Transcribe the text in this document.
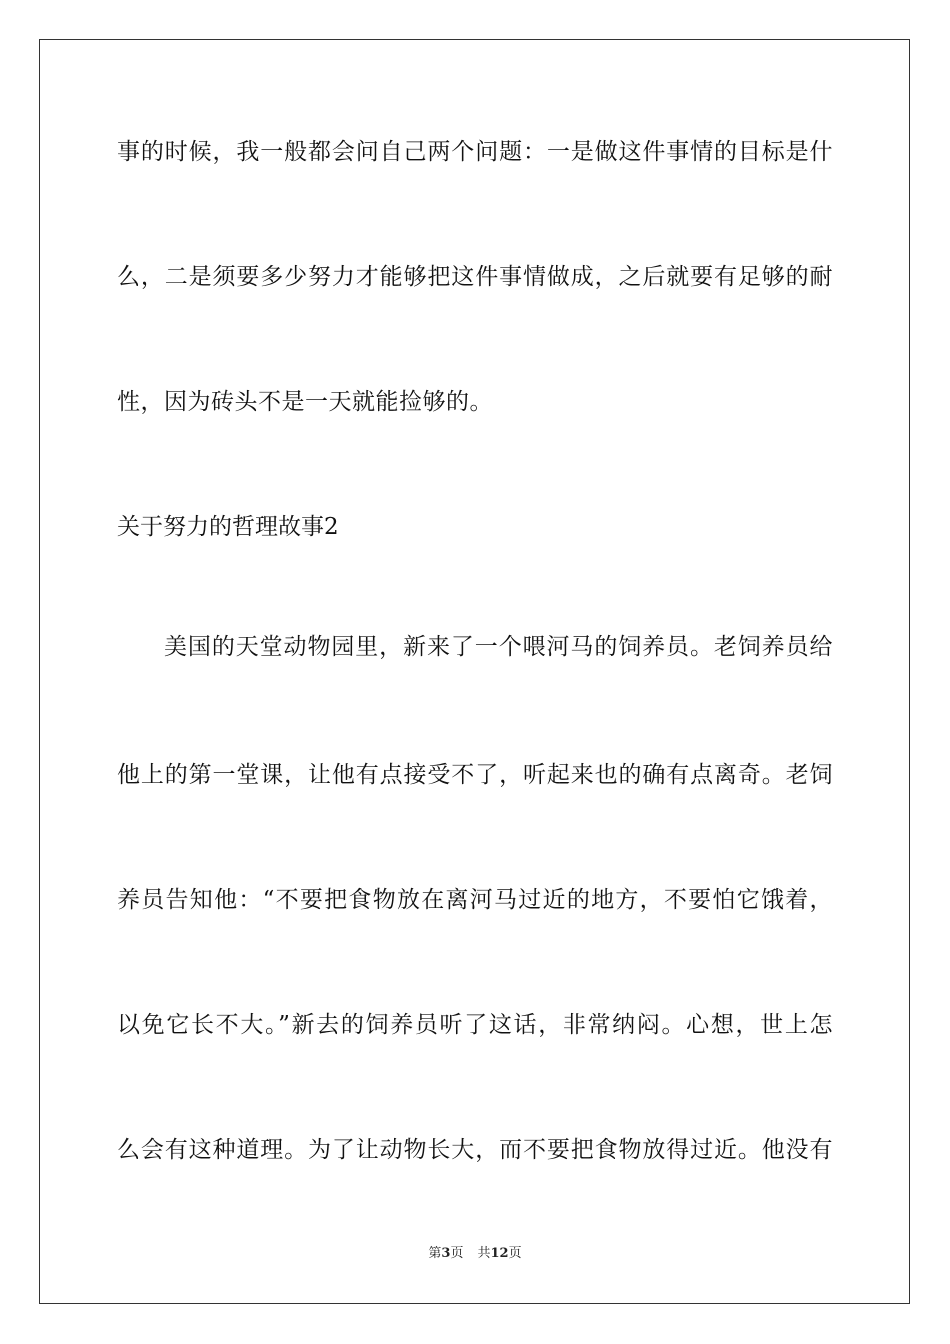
事的时候，我一般都会问自己两个问题：一是做这件事情的目标是什
么，二是须要多少努力才能够把这件事情做成，之后就要有足够的耐
性，因为砖头不是一天就能捡够的。
关于努力的哲理故事2
美国的天堂动物园里，新来了一个喂河马的饲养员。老饲养员给
他上的第一堂课，让他有点接受不了，听起来也的确有点离奇。老饲
养员告知他：“不要把食物放在离河马过近的地方，不要怕它饿着，
以免它长不大。”新去的饲养员听了这话，非常纳闷。心想，世上怎
么会有这种道理。为了让动物长大，而不要把食物放得过近。他没有
第3页 共12页
